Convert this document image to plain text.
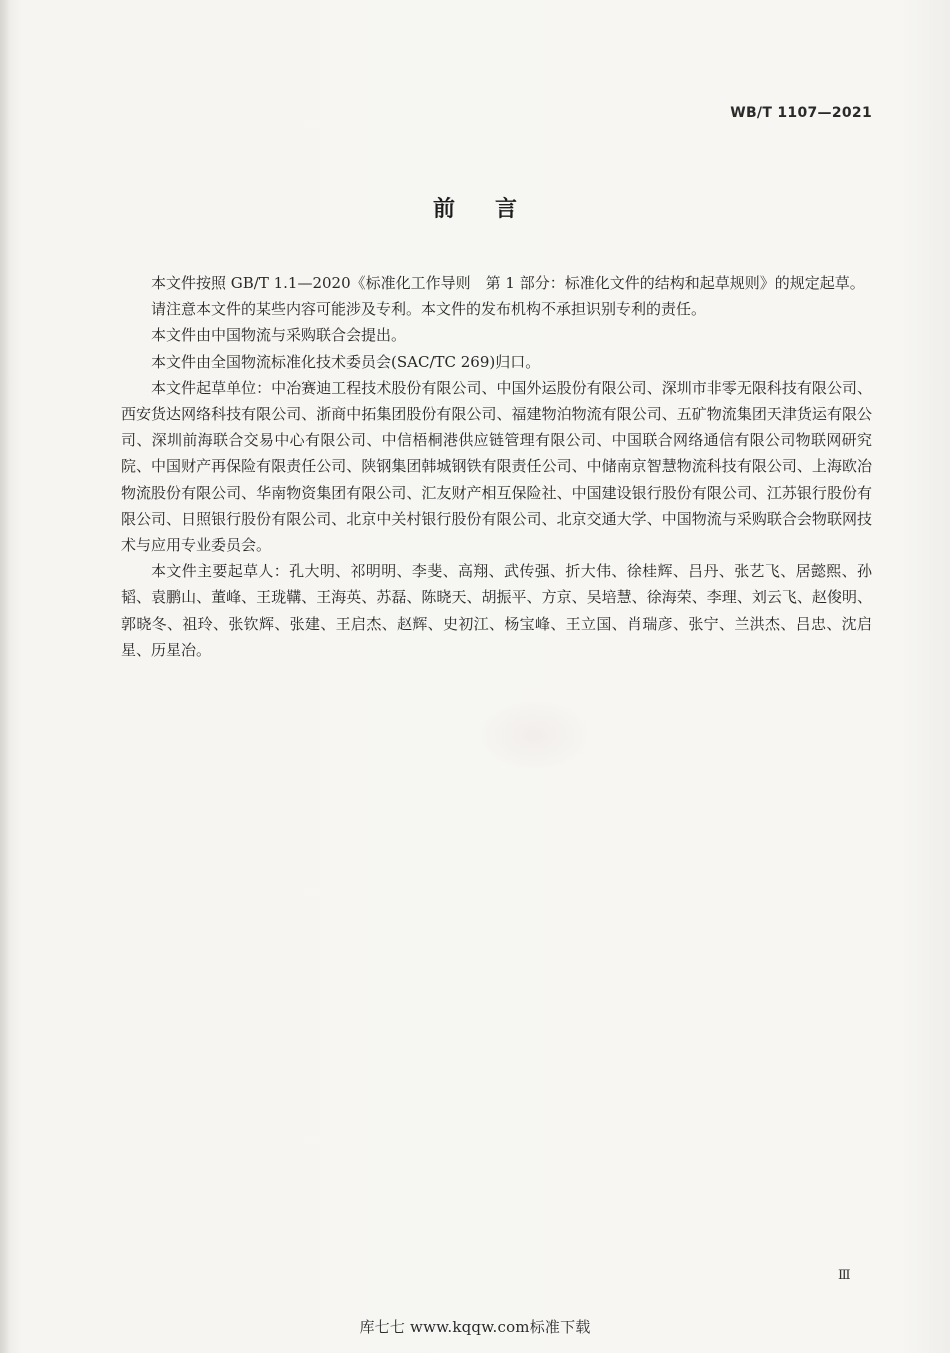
WB/T 1107—2021
前言

本文件按照 GB/T 1.1—2020《标准化工作导则　第 1 部分：标准化文件的结构和起草规则》的规定起草。

请注意本文件的某些内容可能涉及专利。本文件的发布机构不承担识别专利的责任。

本文件由中国物流与采购联合会提出。

本文件由全国物流标准化技术委员会(SAC/TC 269)归口。

本文件起草单位：中冶赛迪工程技术股份有限公司、中国外运股份有限公司、深圳市非零无限科技有限公司、西安货达网络科技有限公司、浙商中拓集团股份有限公司、福建物泊物流有限公司、五矿物流集团天津货运有限公司、深圳前海联合交易中心有限公司、中信梧桐港供应链管理有限公司、中国联合网络通信有限公司物联网研究院、中国财产再保险有限责任公司、陕钢集团韩城钢铁有限责任公司、中储南京智慧物流科技有限公司、上海欧冶物流股份有限公司、华南物资集团有限公司、汇友财产相互保险社、中国建设银行股份有限公司、江苏银行股份有限公司、日照银行股份有限公司、北京中关村银行股份有限公司、北京交通大学、中国物流与采购联合会物联网技术与应用专业委员会。

本文件主要起草人：孔大明、祁明明、李斐、高翔、武传强、折大伟、徐桂辉、吕丹、张艺飞、居懿熙、孙韬、袁鹏山、董峰、王珑鞲、王海英、苏磊、陈晓天、胡振平、方京、吴培慧、徐海荣、李理、刘云飞、赵俊明、郭晓冬、祖玲、张钦辉、张建、王启杰、赵辉、史初江、杨宝峰、王立国、肖瑞彦、张宁、兰洪杰、吕忠、沈启星、历星冶。

Ⅲ
库七七 www.kqqw.com标准下载
